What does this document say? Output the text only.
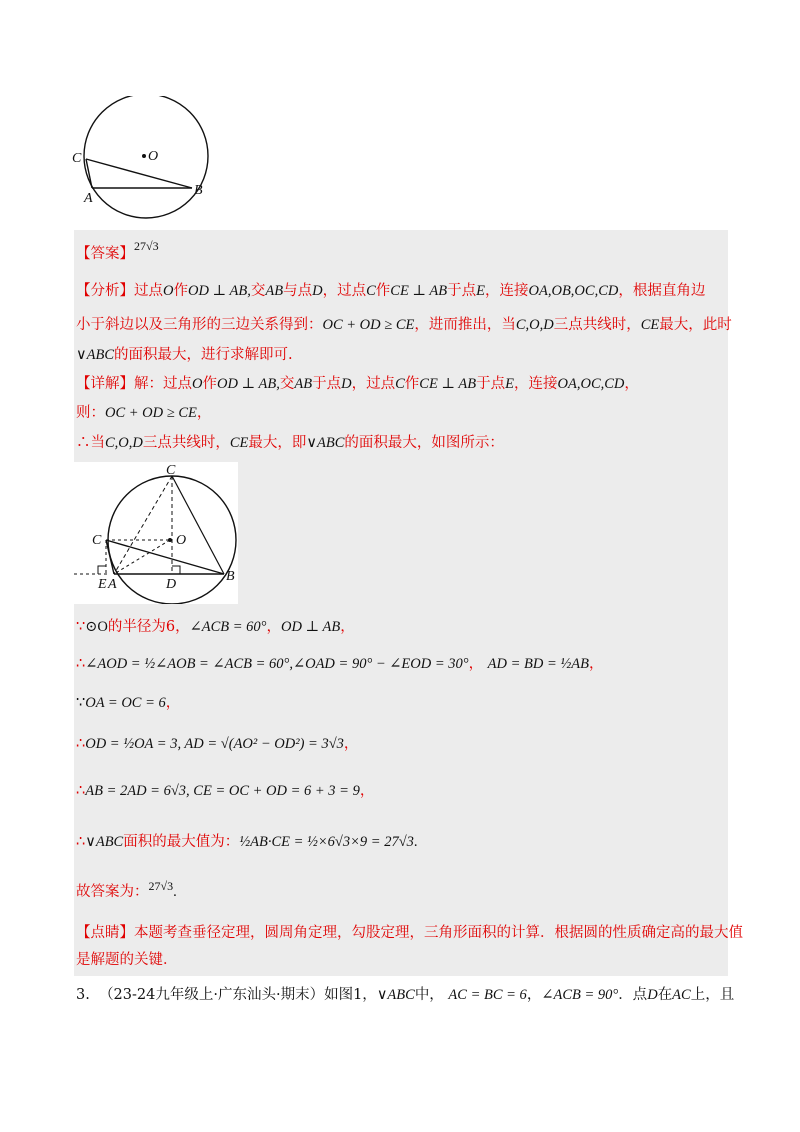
C	O
A
B
【答案】$^{27√3}$
【分析】过点O作OD ⊥ AB,交AB与点D，过点C作CE ⊥ AB于点E，连接OA,OB,OC,CD，根据直角边
小于斜边以及三角形的三边关系得到：OC + OD ≥ CE，进而推出，当C,O,D三点共线时，CE最大，此时
∨ABC的面积最大，进行求解即可.
【详解】解：过点O作OD ⊥ AB,交AB于点D，过点C作CE ⊥ AB于点E，连接OA,OC,CD，
则：OC + OD ≥ CE，
∴当C,O,D三点共线时，CE最大，即∨ABC的面积最大，如图所示：
C
C	O
E A	D
B
∵⊙O的半径为6，∠ACB = 60°，OD ⊥ AB，
∴∠AOD = ½∠AOB = ∠ACB = 60°,∠OAD = 90° − ∠EOD = 30°， AD = BD = ½AB，
∵OA = OC = 6，
∴OD = ½OA = 3, AD = √(AO² − OD²) = 3√3，
∴AB = 2AD = 6√3, CE = OC + OD = 6 + 3 = 9，
∴∨ABC面积的最大值为：½AB·CE = ½×6√3×9 = 27√3.
故答案为：$^{27√3}$.
【点睛】本题考查垂径定理，圆周角定理，勾股定理，三角形面积的计算．根据圆的性质确定高的最大值
是解题的关键．
3. （23-24九年级上·广东汕头·期末）如图1，∨ABC中， AC = BC = 6，∠ACB = 90°．点D在AC上，且
